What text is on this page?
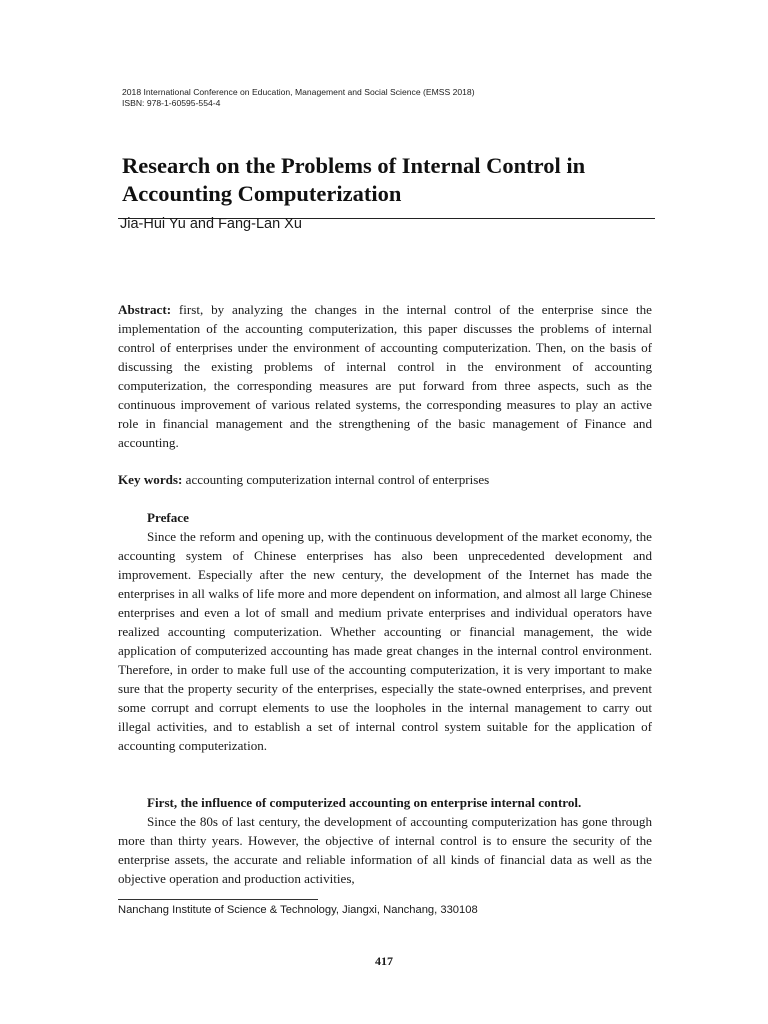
2018 International Conference on Education, Management and Social Science (EMSS 2018)
ISBN: 978-1-60595-554-4
Research on the Problems of Internal Control in
Accounting Computerization
Jia-Hui Yu and Fang-Lan Xu

Abstract: first, by analyzing the changes in the internal control of the enterprise since the implementation of the accounting computerization, this paper discusses the problems of internal control of enterprises under the environment of accounting computerization. Then, on the basis of discussing the existing problems of internal control in the environment of accounting computerization, the corresponding measures are put forward from three aspects, such as the continuous improvement of various related systems, the corresponding measures to play an active role in financial management and the strengthening of the basic management of Finance and accounting.

Key words: accounting computerization internal control of enterprises

Preface

Since the reform and opening up, with the continuous development of the market economy, the accounting system of Chinese enterprises has also been unprecedented development and improvement. Especially after the new century, the development of the Internet has made the enterprises in all walks of life more and more dependent on information, and almost all large Chinese enterprises and even a lot of small and medium private enterprises and individual operators have realized accounting computerization. Whether accounting or financial management, the wide application of computerized accounting has made great changes in the internal control environment. Therefore, in order to make full use of the accounting computerization, it is very important to make sure that the property security of the enterprises, especially the state-owned enterprises, and prevent some corrupt and corrupt elements to use the loopholes in the internal management to carry out illegal activities, and to establish a set of internal control system suitable for the application of accounting computerization.

First, the influence of computerized accounting on enterprise internal control.

Since the 80s of last century, the development of accounting computerization has gone through more than thirty years. However, the objective of internal control is to ensure the security of the enterprise assets, the accurate and reliable information of all kinds of financial data as well as the objective operation and production activities,

Nanchang Institute of Science & Technology, Jiangxi, Nanchang, 330108
417
